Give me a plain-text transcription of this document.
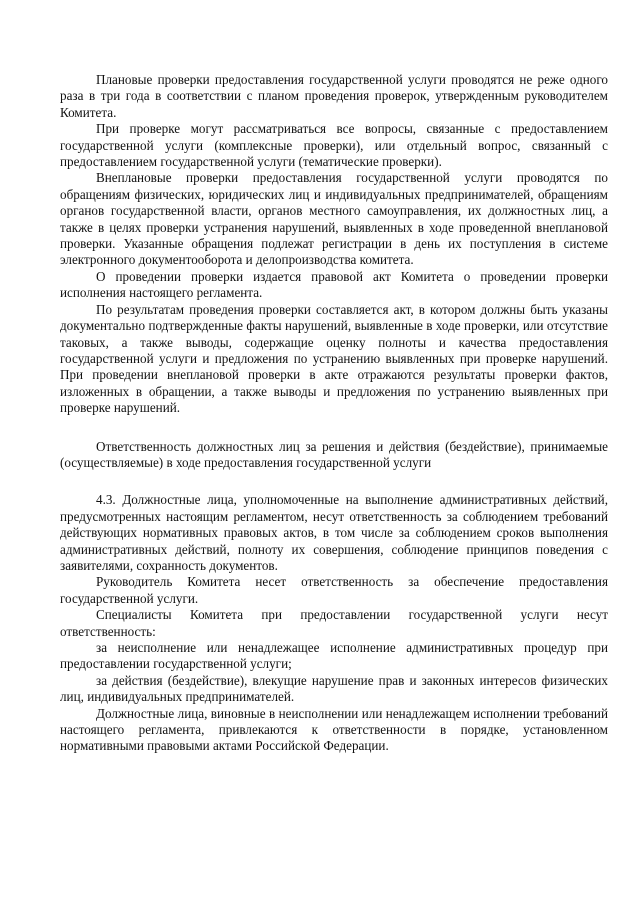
Плановые проверки предоставления государственной услуги проводятся не реже одного раза в три года в соответствии с планом проведения проверок, утвержденным руководителем Комитета.

При проверке могут рассматриваться все вопросы, связанные с предоставлением государственной услуги (комплексные проверки), или отдельный вопрос, связанный с предоставлением государственной услуги (тематические проверки).

Внеплановые проверки предоставления государственной услуги проводятся по обращениям физических, юридических лиц и индивидуальных предпринимателей, обращениям органов государственной власти, органов местного самоуправления, их должностных лиц, а также в целях проверки устранения нарушений, выявленных в ходе проведенной внеплановой проверки. Указанные обращения подлежат регистрации в день их поступления в системе электронного документооборота и делопроизводства комитета.

О проведении проверки издается правовой акт Комитета о проведении проверки исполнения настоящего регламента.

По результатам проведения проверки составляется акт, в котором должны быть указаны документально подтвержденные факты нарушений, выявленные в ходе проверки, или отсутствие таковых, а также выводы, содержащие оценку полноты и качества предоставления государственной услуги и предложения по устранению выявленных при проверке нарушений. При проведении внеплановой проверки в акте отражаются результаты проверки фактов, изложенных в обращении, а также выводы и предложения по устранению выявленных при проверке нарушений.

Ответственность должностных лиц за решения и действия (бездействие), принимаемые (осуществляемые) в ходе предоставления государственной услуги

4.3. Должностные лица, уполномоченные на выполнение административных действий, предусмотренных настоящим регламентом, несут ответственность за соблюдением требований действующих нормативных правовых актов, в том числе за соблюдением сроков выполнения административных действий, полноту их совершения, соблюдение принципов поведения с заявителями, сохранность документов.

Руководитель Комитета несет ответственность за обеспечение предоставления государственной услуги.

Специалисты Комитета при предоставлении государственной услуги несут ответственность:

за неисполнение или ненадлежащее исполнение административных процедур при предоставлении государственной услуги;

за действия (бездействие), влекущие нарушение прав и законных интересов физических лиц, индивидуальных предпринимателей.

Должностные лица, виновные в неисполнении или ненадлежащем исполнении требований настоящего регламента, привлекаются к ответственности в порядке, установленном нормативными правовыми актами Российской Федерации.
